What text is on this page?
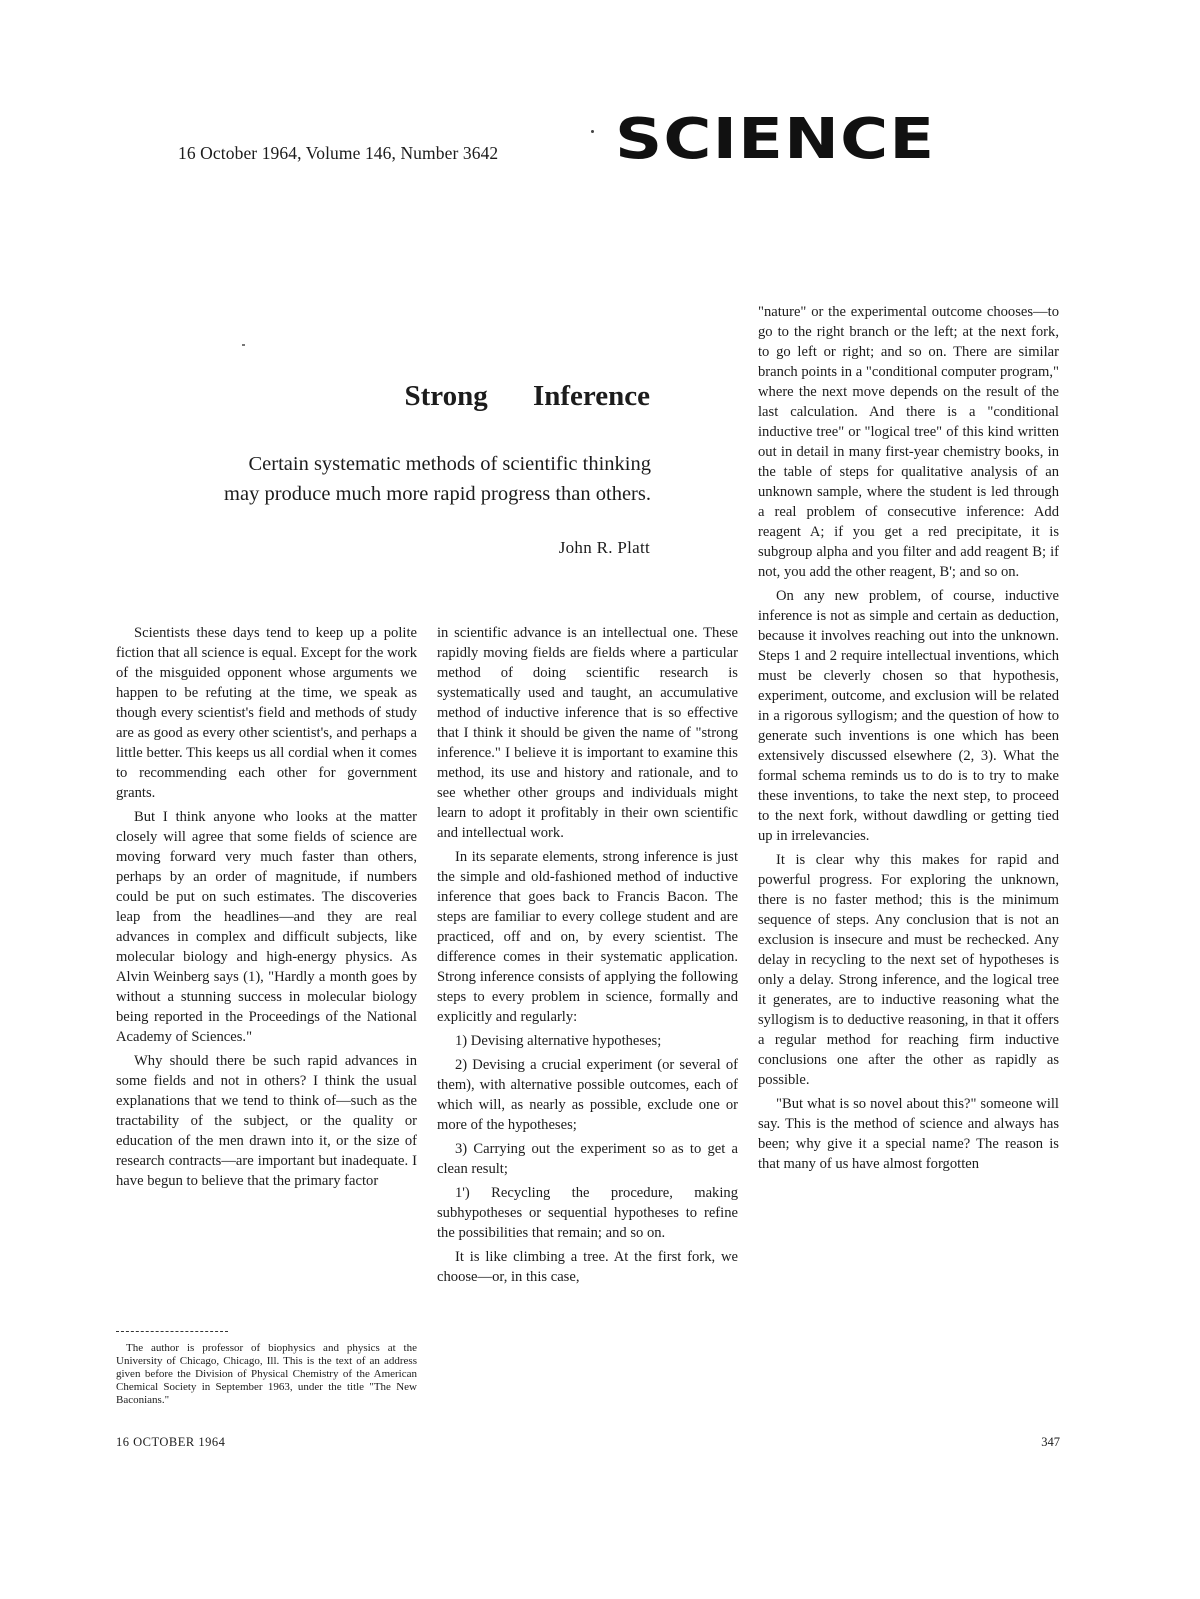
16 October 1964, Volume 146, Number 3642 SCIENCE
Strong Inference
Certain systematic methods of scientific thinking
may produce much more rapid progress than others.
John R. Platt

Scientists these days tend to keep up a polite fiction that all science is equal. Except for the work of the misguided opponent whose arguments we happen to be refuting at the time, we speak as though every scientist's field and methods of study are as good as every other scientist's, and perhaps a little better. This keeps us all cordial when it comes to recommending each other for government grants.

But I think anyone who looks at the matter closely will agree that some fields of science are moving forward very much faster than others, perhaps by an order of magnitude, if numbers could be put on such estimates. The discoveries leap from the headlines—and they are real advances in complex and difficult subjects, like molecular biology and high-energy physics. As Alvin Weinberg says (1), "Hardly a month goes by without a stunning success in molecular biology being reported in the Proceedings of the National Academy of Sciences."

Why should there be such rapid advances in some fields and not in others? I think the usual explanations that we tend to think of—such as the tractability of the subject, or the quality or education of the men drawn into it, or the size of research contracts—are important but inadequate. I have begun to believe that the primary factor

in scientific advance is an intellectual one. These rapidly moving fields are fields where a particular method of doing scientific research is systematically used and taught, an accumulative method of inductive inference that is so effective that I think it should be given the name of "strong inference." I believe it is important to examine this method, its use and history and rationale, and to see whether other groups and individuals might learn to adopt it profitably in their own scientific and intellectual work.

In its separate elements, strong inference is just the simple and old-fashioned method of inductive inference that goes back to Francis Bacon. The steps are familiar to every college student and are practiced, off and on, by every scientist. The difference comes in their systematic application. Strong inference consists of applying the following steps to every problem in science, formally and explicitly and regularly:

1) Devising alternative hypotheses;

2) Devising a crucial experiment (or several of them), with alternative possible outcomes, each of which will, as nearly as possible, exclude one or more of the hypotheses;

3) Carrying out the experiment so as to get a clean result;

1') Recycling the procedure, making subhypotheses or sequential hypotheses to refine the possibilities that remain; and so on.

It is like climbing a tree. At the first fork, we choose—or, in this case,

"nature" or the experimental outcome chooses—to go to the right branch or the left; at the next fork, to go left or right; and so on. There are similar branch points in a "conditional computer program," where the next move depends on the result of the last calculation. And there is a "conditional inductive tree" or "logical tree" of this kind written out in detail in many first-year chemistry books, in the table of steps for qualitative analysis of an unknown sample, where the student is led through a real problem of consecutive inference: Add reagent A; if you get a red precipitate, it is subgroup alpha and you filter and add reagent B; if not, you add the other reagent, B'; and so on.

On any new problem, of course, inductive inference is not as simple and certain as deduction, because it involves reaching out into the unknown. Steps 1 and 2 require intellectual inventions, which must be cleverly chosen so that hypothesis, experiment, outcome, and exclusion will be related in a rigorous syllogism; and the question of how to generate such inventions is one which has been extensively discussed elsewhere (2, 3). What the formal schema reminds us to do is to try to make these inventions, to take the next step, to proceed to the next fork, without dawdling or getting tied up in irrelevancies.

It is clear why this makes for rapid and powerful progress. For exploring the unknown, there is no faster method; this is the minimum sequence of steps. Any conclusion that is not an exclusion is insecure and must be rechecked. Any delay in recycling to the next set of hypotheses is only a delay. Strong inference, and the logical tree it generates, are to inductive reasoning what the syllogism is to deductive reasoning, in that it offers a regular method for reaching firm inductive conclusions one after the other as rapidly as possible.

"But what is so novel about this?" someone will say. This is the method of science and always has been; why give it a special name? The reason is that many of us have almost forgotten

The author is professor of biophysics and physics at the University of Chicago, Chicago, Ill. This is the text of an address given before the Division of Physical Chemistry of the American Chemical Society in September 1963, under the title "The New Baconians."
16 OCTOBER 1964	347
